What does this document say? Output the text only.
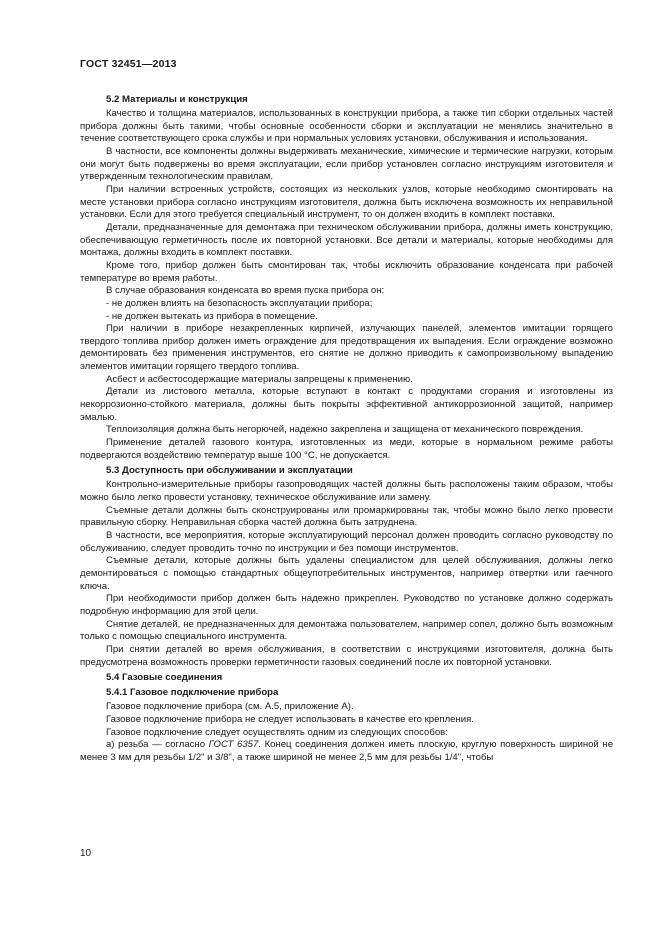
ГОСТ 32451—2013
5.2 Материалы и конструкция

Качество и толщина материалов, использованных в конструкции прибора, а также тип сборки отдельных частей прибора должны быть такими, чтобы основные особенности сборки и эксплуатации не менялись значительно в течение соответствующего срока службы и при нормальных условиях установки, обслуживания и использования.

В частности, все компоненты должны выдерживать механические, химические и термические нагрузки, которым они могут быть подвержены во время эксплуатации, если прибор установлен согласно инструкциям изготовителя и утвержденным технологическим правилам.

При наличии встроенных устройств, состоящих из нескольких узлов, которые необходимо смонтировать на месте установки прибора согласно инструкциям изготовителя, должна быть исключена возможность их неправильной установки. Если для этого требуется специальный инструмент, то он должен входить в комплект поставки.

Детали, предназначенные для демонтажа при техническом обслуживании прибора, должны иметь конструкцию, обеспечивающую герметичность после их повторной установки. Все детали и материалы, которые необходимы для монтажа, должны входить в комплект поставки.

Кроме того, прибор должен быть смонтирован так, чтобы исключить образование конденсата при рабочей температуре во время работы.

В случае образования конденсата во время пуска прибора он:

- не должен влиять на безопасность эксплуатации прибора;

- не должен вытекать из прибора в помещение.

При наличии в приборе незакрепленных кирпичей, излучающих панелей, элементов имитации горящего твердого топлива прибор должен иметь ограждение для предотвращения их выпадения. Если ограждение возможно демонтировать без применения инструментов, его снятие не должно приводить к самопроизвольному выпадению элементов имитации горящего твердого топлива.

Асбест и асбестосодержащие материалы запрещены к применению.

Детали из листового металла, которые вступают в контакт с продуктами сгорания и изготовлены из некоррозионно-стойкого материала, должны быть покрыты эффективной антикоррозионной защитой, например эмалью.

Теплоизоляция должна быть негорючей, надежно закреплена и защищена от механического повреждения.

Применение деталей газового контура, изготовленных из меди, которые в нормальном режиме работы подвергаются воздействию температур выше 100 °С, не допускается.

5.3 Доступность при обслуживании и эксплуатации

Контрольно-измерительные приборы газопроводящих частей должны быть расположены таким образом, чтобы можно было легко провести установку, техническое обслуживание или замену.

Съемные детали должны быть сконструированы или промаркированы так, чтобы можно было легко провести правильную сборку. Неправильная сборка частей должна быть затруднена.

В частности, все мероприятия, которые эксплуатирующий персонал должен проводить согласно руководству по обслуживанию, следует проводить точно по инструкции и без помощи инструментов.

Съемные детали, которые должны быть удалены специалистом для целей обслуживания, должны легко демонтироваться с помощью стандартных общеупотребительных инструментов, например отвертки или гаечного ключа.

При необходимости прибор должен быть надежно прикреплен. Руководство по установке должно содержать подробную информацию для этой цели.

Снятие деталей, не предназначенных для демонтажа пользователем, например сопел, должно быть возможным только с помощью специального инструмента.

При снятии деталей во время обслуживания, в соответствии с инструкциями изготовителя, должна быть предусмотрена возможность проверки герметичности газовых соединений после их повторной установки.

5.4 Газовые соединения
5.4.1 Газовое подключение прибора

Газовое подключение прибора (см. А.5, приложение А).

Газовое подключение прибора не следует использовать в качестве его крепления.

Газовое подключение следует осуществлять одним из следующих способов:

а) резьба — согласно ГОСТ 6357. Конец соединения должен иметь плоскую, круглую поверхность шириной не менее 3 мм для резьбы 1/2" и 3/8", а также шириной не менее 2,5 мм для резьбы 1/4", чтобы

10
